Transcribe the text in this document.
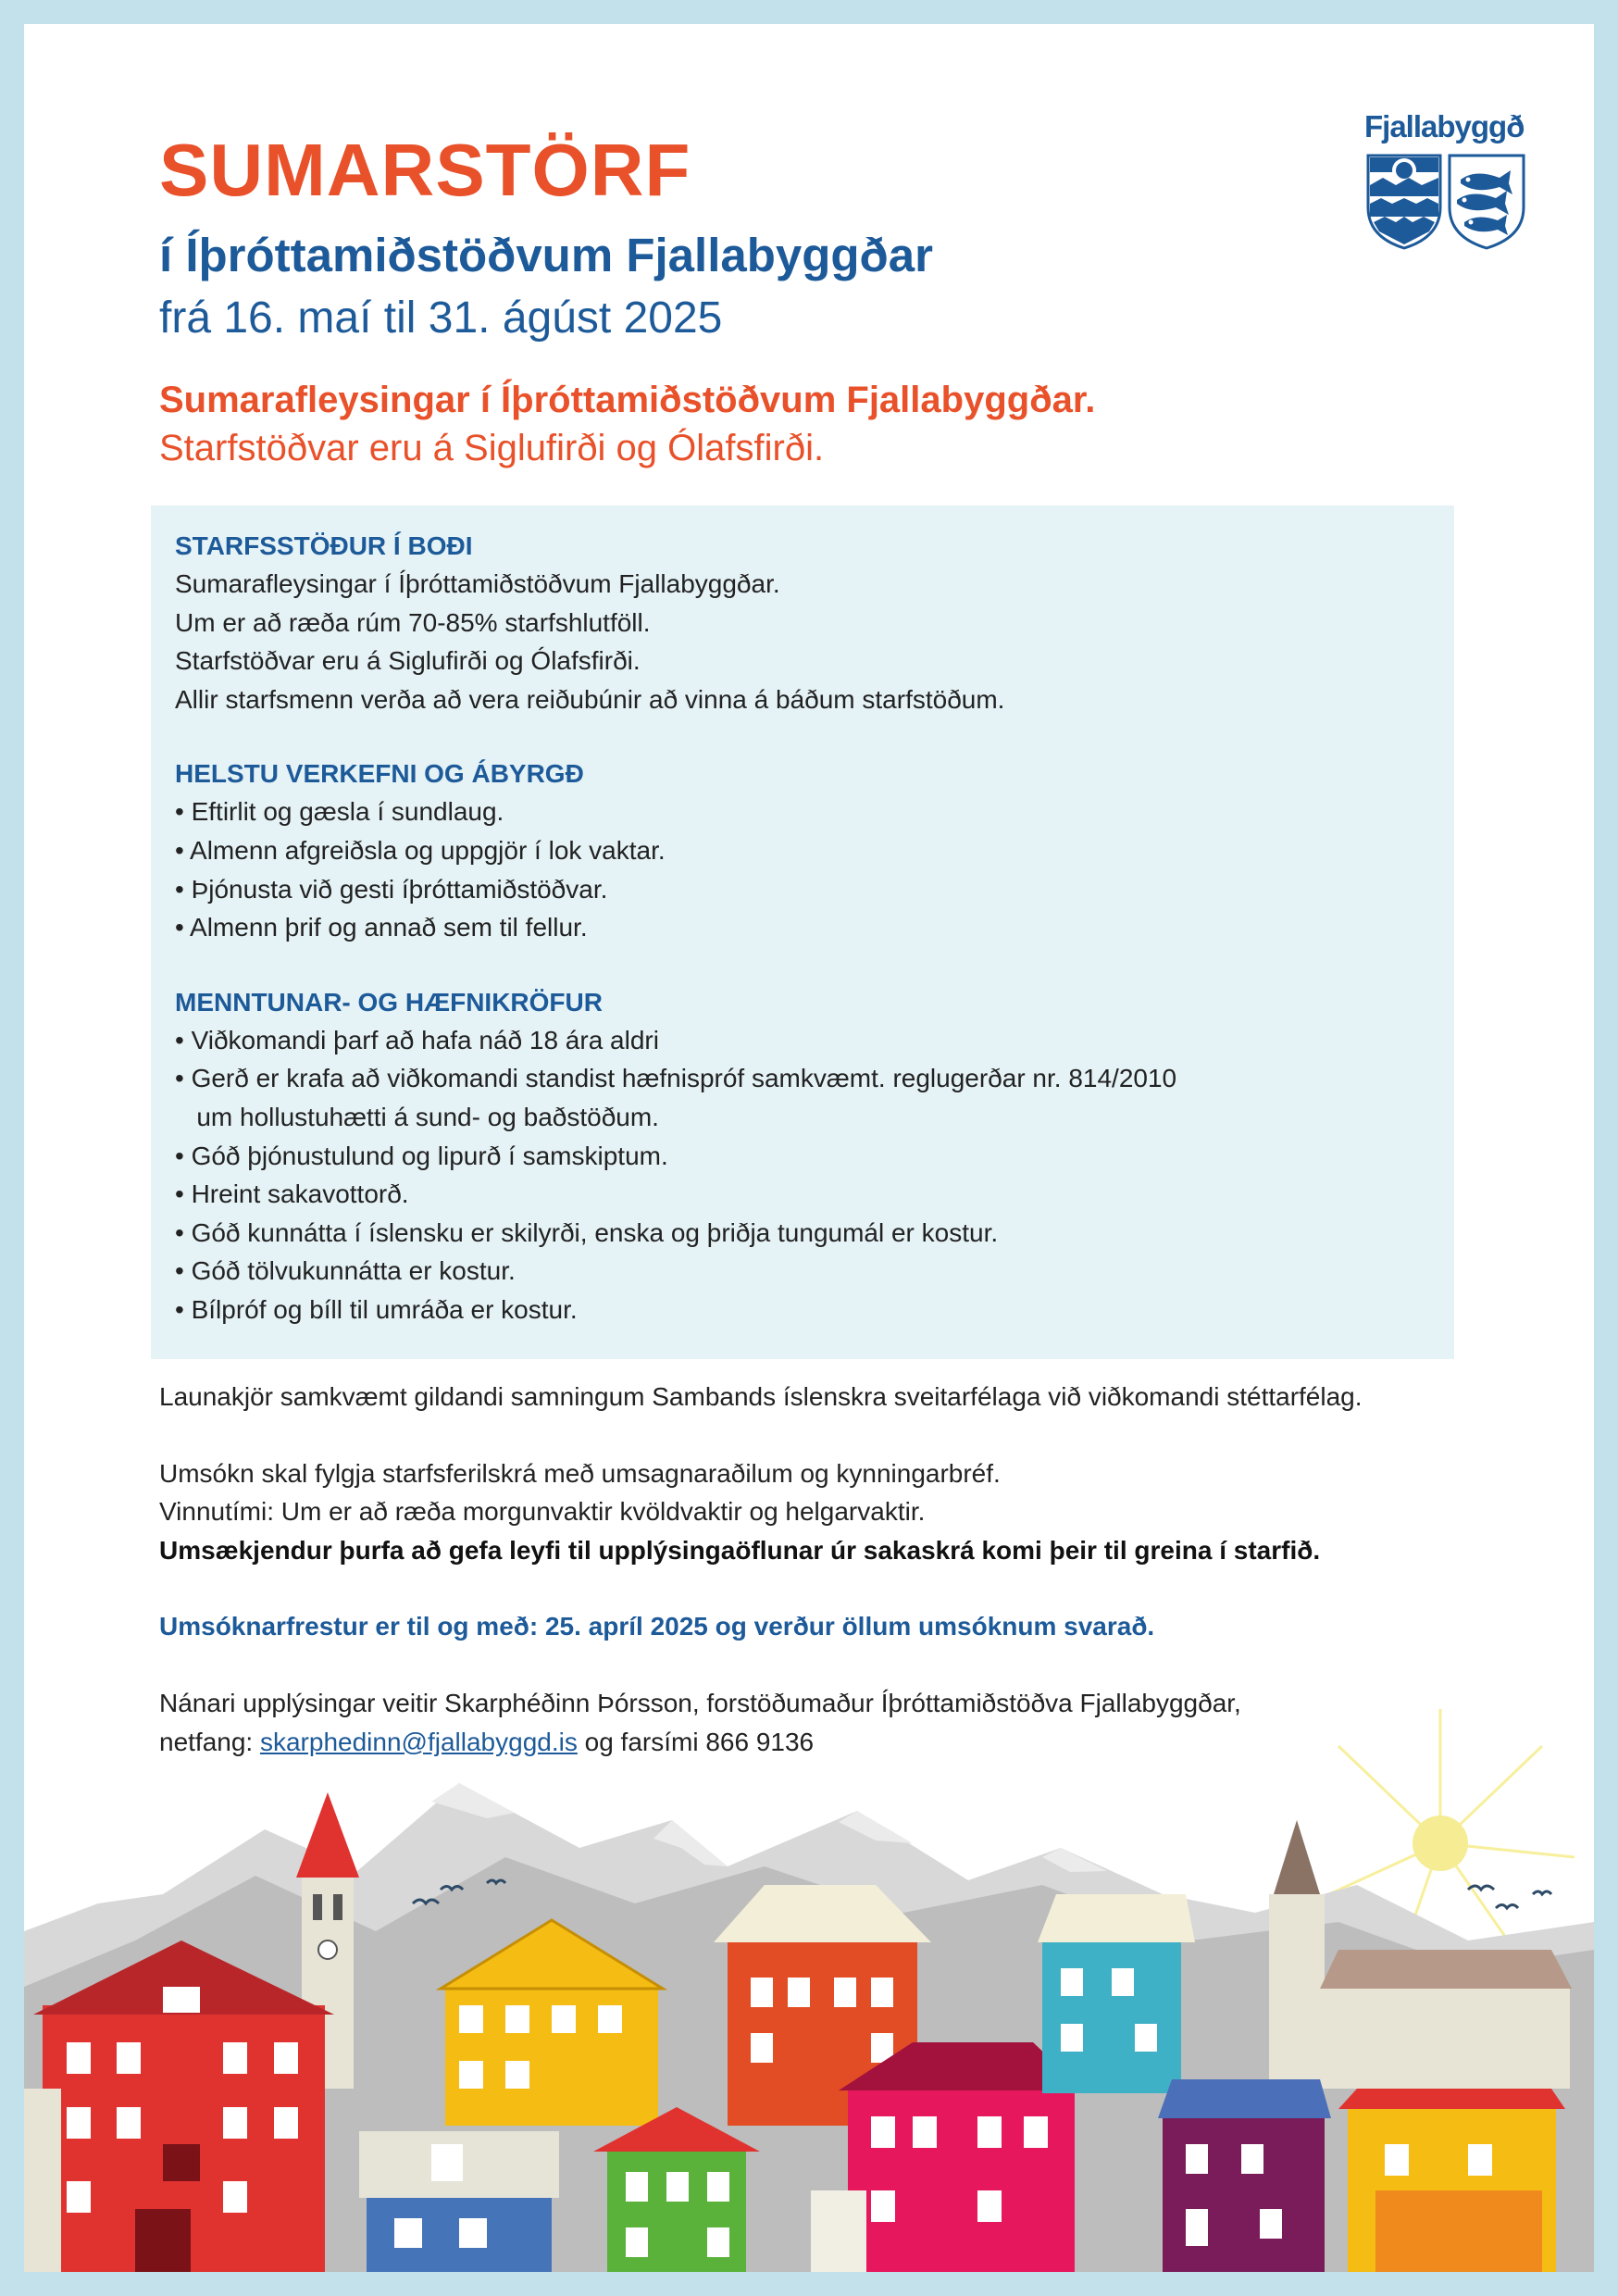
SUMARSTÖRF
í Íþróttamiðstöðvum Fjallabyggðar
frá 16. maí til 31. ágúst 2025
Sumarafleysingar í Íþróttamiðstöðvum Fjallabyggðar.
Starfstöðvar eru á Siglufirði og Ólafsfirði.
Fjallabyggð
STARFSSTÖÐUR Í BOÐI
Sumarafleysingar í Íþróttamiðstöðvum Fjallabyggðar.
Um er að ræða rúm 70-85% starfshlutföll.
Starfstöðvar eru á Siglufirði og Ólafsfirði.
Allir starfsmenn verða að vera reiðubúnir að vinna á báðum starfstöðum.
HELSTU VERKEFNI OG ÁBYRGÐ
• Eftirlit og gæsla í sundlaug.
• Almenn afgreiðsla og uppgjör í lok vaktar.
• Þjónusta við gesti íþróttamiðstöðvar.
• Almenn þrif og annað sem til fellur.
MENNTUNAR- OG HÆFNIKRÖFUR
• Viðkomandi þarf að hafa náð 18 ára aldri
• Gerð er krafa að viðkomandi standist hæfnispróf samkvæmt. reglugerðar nr. 814/2010
um hollustuhætti á sund- og baðstöðum.
• Góð þjónustulund og lipurð í samskiptum.
• Hreint sakavottorð.
• Góð kunnátta í íslensku er skilyrði, enska og þriðja tungumál er kostur.
• Góð tölvukunnátta er kostur.
• Bílpróf og bíll til umráða er kostur.
Launakjör samkvæmt gildandi samningum Sambands íslenskra sveitarfélaga við viðkomandi stéttarfélag.
Umsókn skal fylgja starfsferilskrá með umsagnaraðilum og kynningarbréf.
Vinnutími: Um er að ræða morgunvaktir kvöldvaktir og helgarvaktir.
Umsækjendur þurfa að gefa leyfi til upplýsingaöflunar úr sakaskrá komi þeir til greina í starfið.
Umsóknarfrestur er til og með: 25. apríl 2025 og verður öllum umsóknum svarað.
Nánari upplýsingar veitir Skarphéðinn Þórsson, forstöðumaður Íþróttamiðstöðva Fjallabyggðar,
netfang: skarphedinn@fjallabyggd.is og farsími 866 9136
